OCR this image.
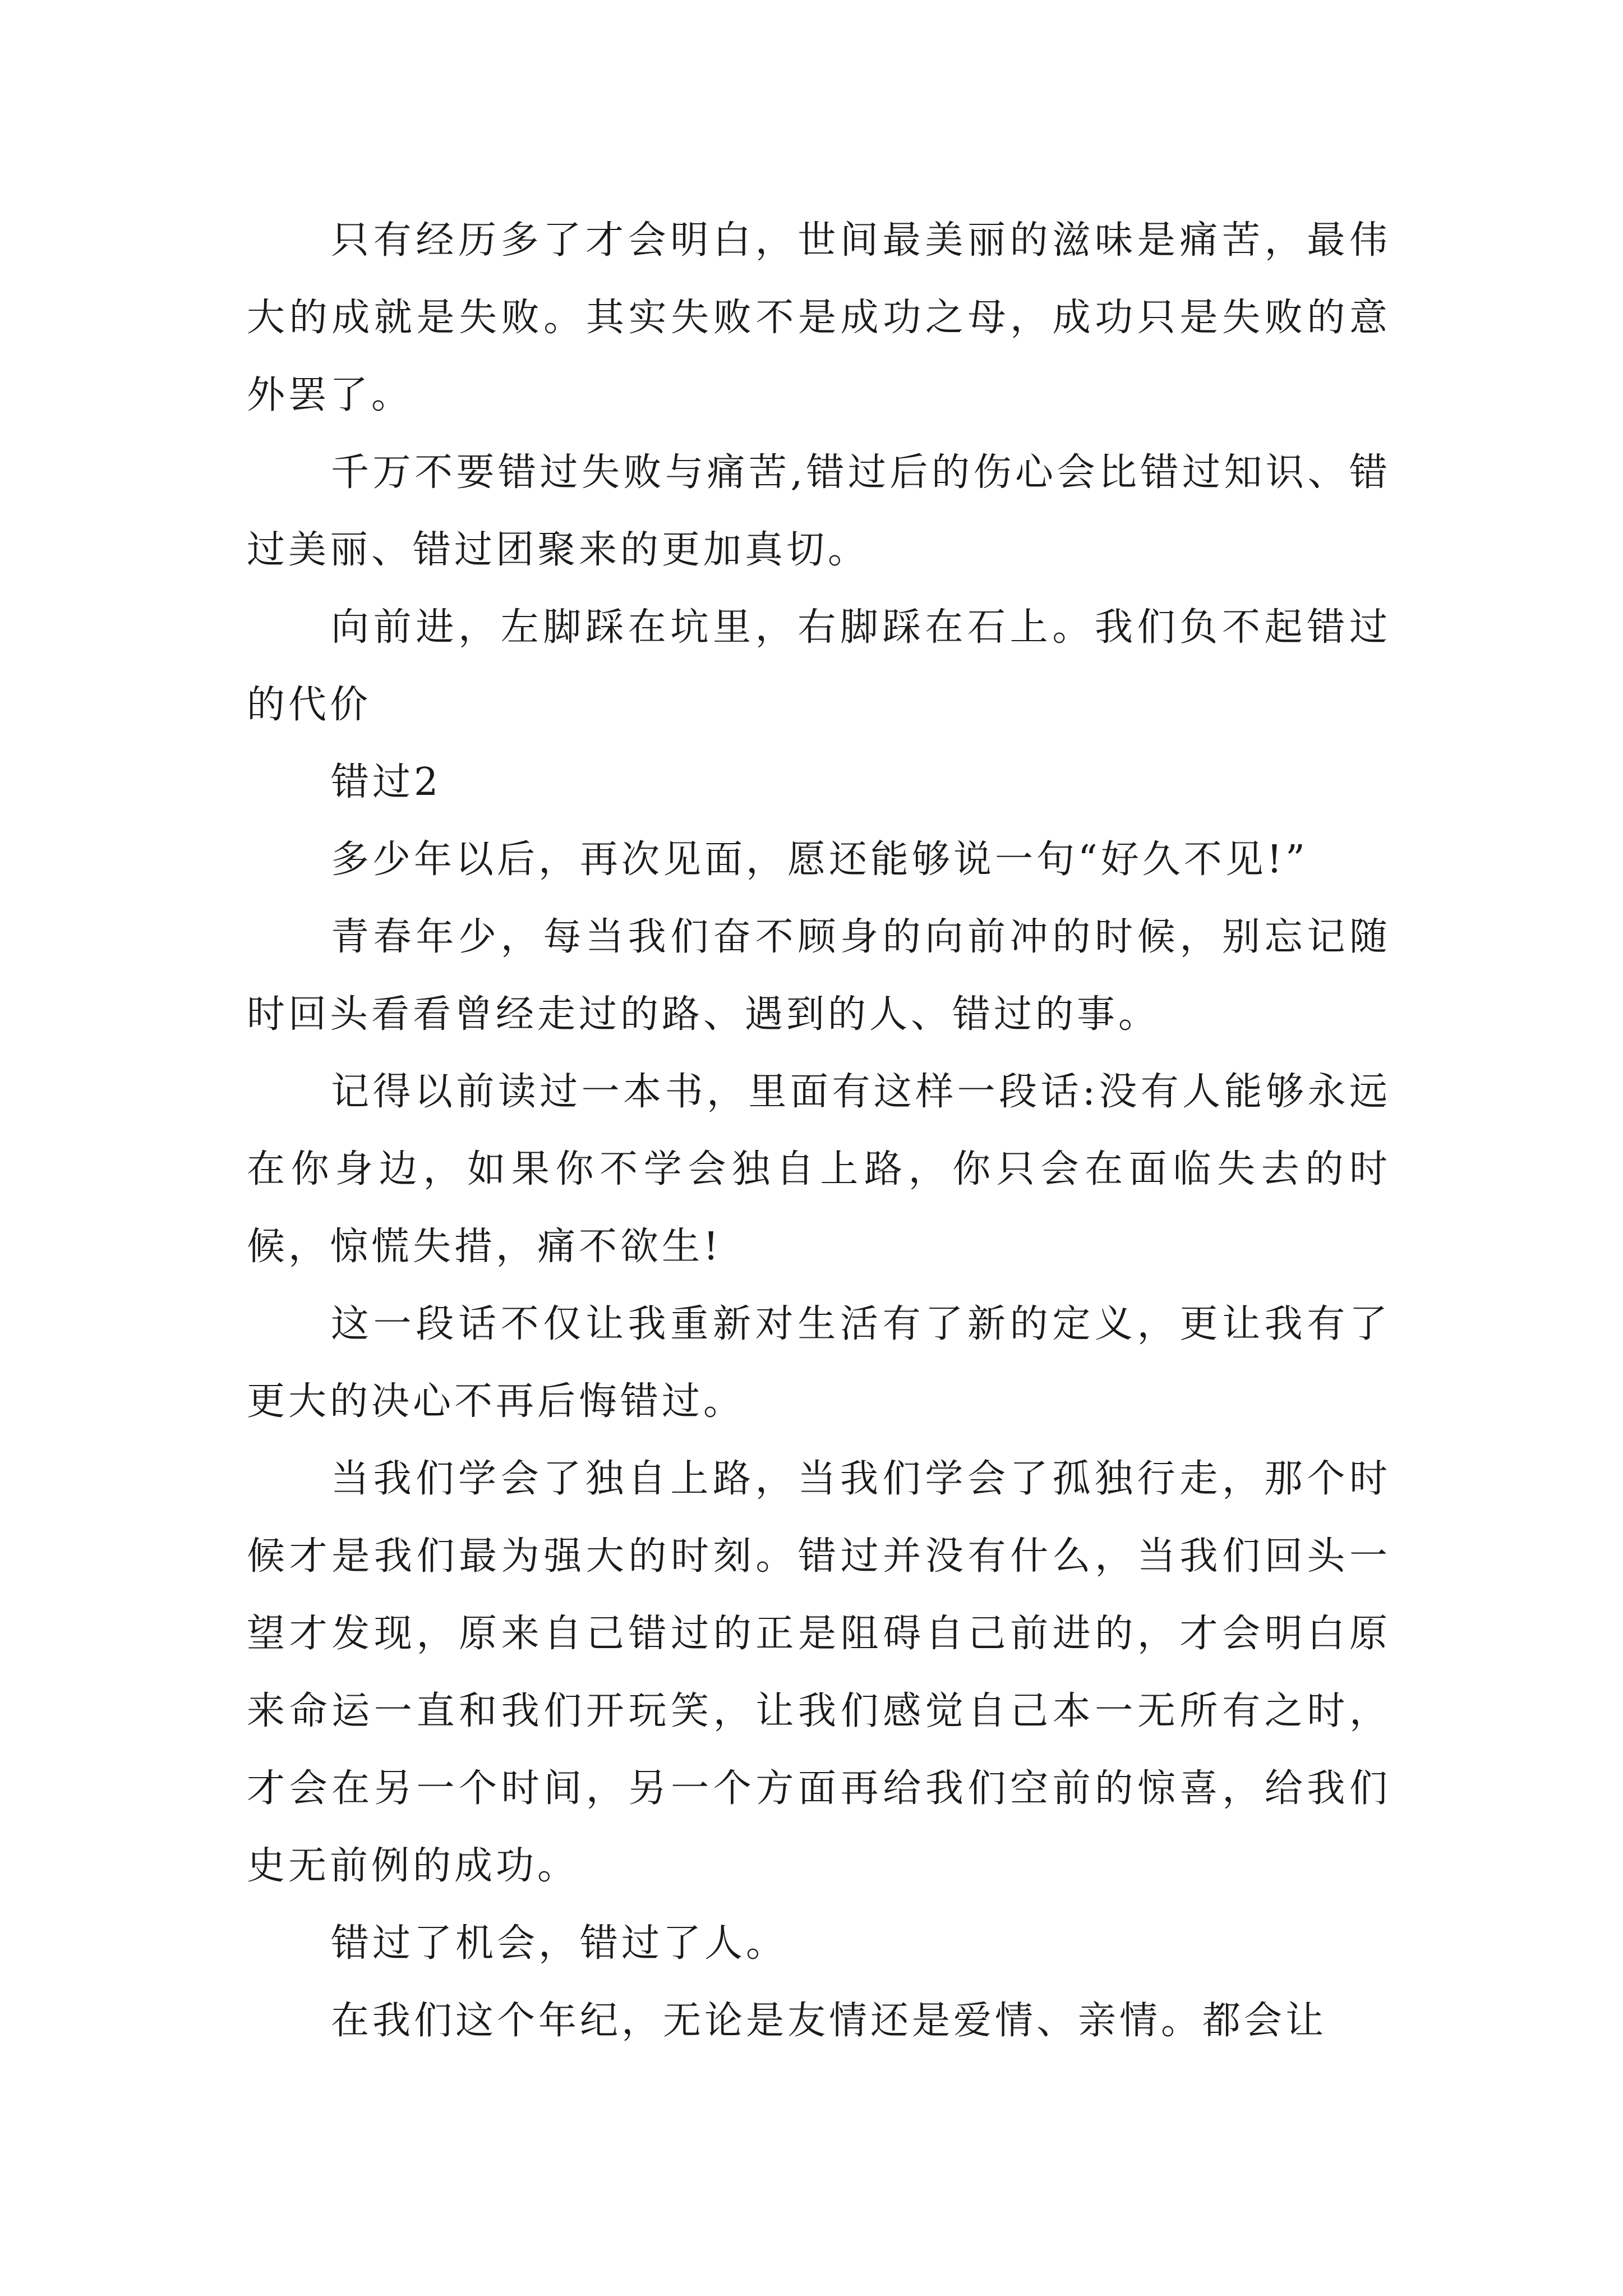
只有经历多了才会明白，世间最美丽的滋味是痛苦，最伟大的成就是失败。其实失败不是成功之母，成功只是失败的意外罢了。

千万不要错过失败与痛苦,错过后的伤心会比错过知识、错过美丽、错过团聚来的更加真切。

向前进，左脚踩在坑里，右脚踩在石上。我们负不起错过的代价

错过2

多少年以后，再次见面，愿还能够说一句“好久不见!”

青春年少，每当我们奋不顾身的向前冲的时候，别忘记随时回头看看曾经走过的路、遇到的人、错过的事。

记得以前读过一本书，里面有这样一段话:没有人能够永远在你身边，如果你不学会独自上路，你只会在面临失去的时候，惊慌失措，痛不欲生!

这一段话不仅让我重新对生活有了新的定义，更让我有了更大的决心不再后悔错过。

当我们学会了独自上路，当我们学会了孤独行走，那个时候才是我们最为强大的时刻。错过并没有什么，当我们回头一望才发现，原来自己错过的正是阻碍自己前进的，才会明白原来命运一直和我们开玩笑，让我们感觉自己本一无所有之时，才会在另一个时间，另一个方面再给我们空前的惊喜，给我们史无前例的成功。

错过了机会，错过了人。

在我们这个年纪，无论是友情还是爱情、亲情。都会让
